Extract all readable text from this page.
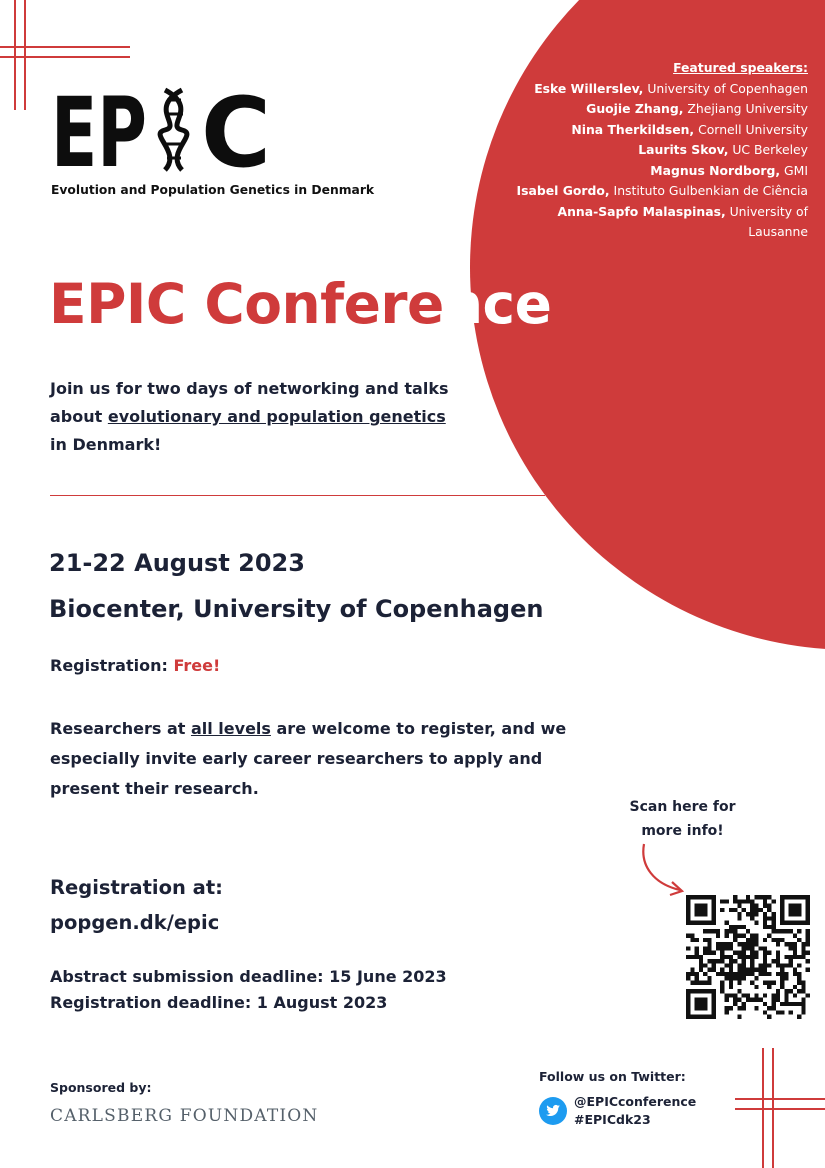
Featured speakers:
Eske Willerslev, University of Copenhagen
Guojie Zhang, Zhejiang University
Nina Therkildsen, Cornell University
Laurits Skov, UC Berkeley
Magnus Nordborg, GMI
Isabel Gordo, Instituto Gulbenkian de Ciência
Anna-Sapfo Malaspinas, University of
Lausanne
EP C
Evolution and Population Genetics in Denmark
EPIC Conference
Join us for two days of networking and talks
about evolutionary and population genetics
in Denmark!
21-22 August 2023
Biocenter, University of Copenhagen
Registration: Free!
Researchers at all levels are welcome to register, and we especially invite early career researchers to apply and present their research.
Registration at:
popgen.dk/epic
Abstract submission deadline: 15 June 2023
Registration deadline: 1 August 2023
Scan here for more info!
Sponsored by:
CARLSBERG FOUNDATION
Follow us on Twitter:
@EPICconference
#EPICdk23
